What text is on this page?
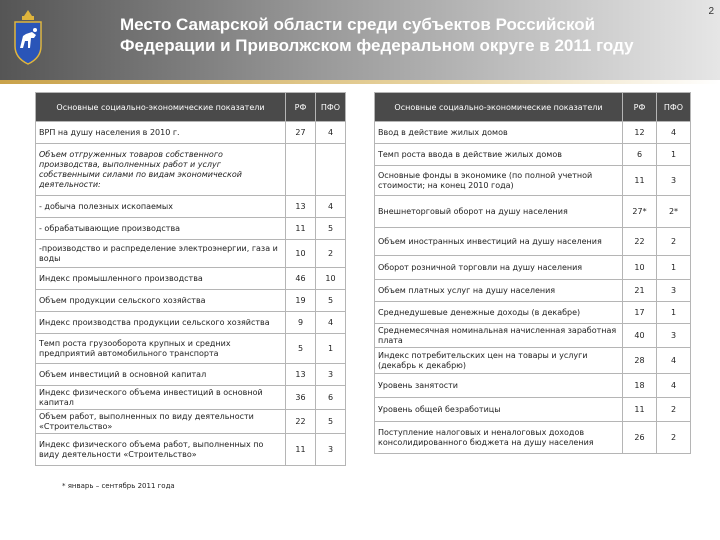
Место Самарской области среди субъектов Российской
Федерации и Приволжском федеральном округе в 2011 году
2
Основные социально-экономические показатели	РФ	ПФО
ВРП на душу населения в 2010 г.	27	4
Объем отгруженных товаров собственного производства, выполненных работ и услуг собственными силами по видам экономической деятельности:		
- добыча полезных ископаемых	13	4
- обрабатывающие производства	11	5
-производство и распределение электроэнергии, газа и воды	10	2
Индекс промышленного производства	46	10
Объем продукции сельского хозяйства	19	5
Индекс производства продукции сельского хозяйства	9	4
Темп роста грузооборота крупных и средних предприятий автомобильного транспорта	5	1
Объем инвестиций в основной капитал	13	3
Индекс физического объема инвестиций в основной капитал	36	6
Объем работ, выполненных по виду деятельности «Строительство»	22	5
Индекс физического объема работ, выполненных по виду деятельности «Строительство»	11	3
Основные социально-экономические показатели	РФ	ПФО
Ввод в действие жилых домов	12	4
Темп роста ввода в действие жилых домов	6	1
Основные фонды в экономике (по полной учетной стоимости; на конец 2010 года)	11	3
Внешнеторговый оборот на душу населения	27*	2*
Объем иностранных инвестиций на душу населения	22	2
Оборот розничной торговли на душу населения	10	1
Объем платных услуг на душу населения	21	3
Среднедушевые денежные доходы (в декабре)	17	1
Среднемесячная номинальная начисленная заработная плата	40	3
Индекс потребительских цен на товары и услуги (декабрь к декабрю)	28	4
Уровень занятости	18	4
Уровень общей безработицы	11	2
Поступление налоговых и неналоговых доходов консолидированного бюджета на душу населения	26	2
* январь – сентябрь 2011 года
